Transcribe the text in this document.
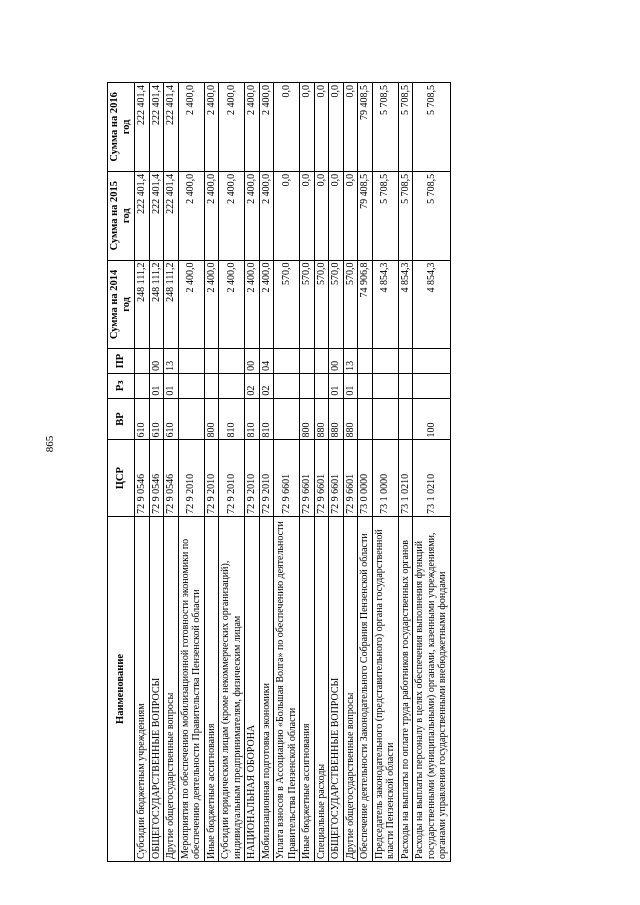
865
Наименование	ЦСР	ВР	Рз	ПР	Сумма на 2014 год	Сумма на 2015 год	Сумма на 2016 год
Субсидии бюджетным учреждениям	72 9 0546	610			248 111,2	222 401,4	222 401,4
ОБЩЕГОСУДАРСТВЕННЫЕ ВОПРОСЫ	72 9 0546	610	01	00	248 111,2	222 401,4	222 401,4
Другие общегосударственные вопросы	72 9 0546	610	01	13	248 111,2	222 401,4	222 401,4
Мероприятия по обеспечению мобилизационной готовности экономики по обеспечению деятельности Правительства Пензенской области	72 9 2010				2 400,0	2 400,0	2 400,0
Иные бюджетные ассигнования	72 9 2010	800			2 400,0	2 400,0	2 400,0
Субсидии юридическим лицам (кроме некоммерческих организаций), индивидуальным предпринимателям, физическим лицам	72 9 2010	810			2 400,0	2 400,0	2 400,0
НАЦИОНАЛЬНАЯ ОБОРОНА	72 9 2010	810	02	00	2 400,0	2 400,0	2 400,0
Мобилизационная подготовка экономики	72 9 2010	810	02	04	2 400,0	2 400,0	2 400,0
Уплата взносов в Ассоциацию «Большая Волга» по обеспечению деятельности Правительства Пензенской области	72 9 6601				570,0	0,0	0,0
Иные бюджетные ассигнования	72 9 6601	800			570,0	0,0	0,0
Специальные расходы	72 9 6601	880			570,0	0,0	0,0
ОБЩЕГОСУДАРСТВЕННЫЕ ВОПРОСЫ	72 9 6601	880	01	00	570,0	0,0	0,0
Другие общегосударственные вопросы	72 9 6601	880	01	13	570,0	0,0	0,0
Обеспечение деятельности Законодательного Собрания Пензенской области	73 0 0000				74 906,8	79 408,5	79 408,5
Председатель законодательного (представительного) органа государственной власти Пензенской области	73 1 0000				4 854,3	5 708,5	5 708,5
Расходы на выплаты по оплате труда работников государственных органов	73 1 0210				4 854,3	5 708,5	5 708,5
Расходы на выплаты персоналу в целях обеспечения выполнения функций государственными (муниципальными) органами, казенными учреждениями, органами управления государственными внебюджетными фондами	73 1 0210	100			4 854,3	5 708,5	5 708,5
